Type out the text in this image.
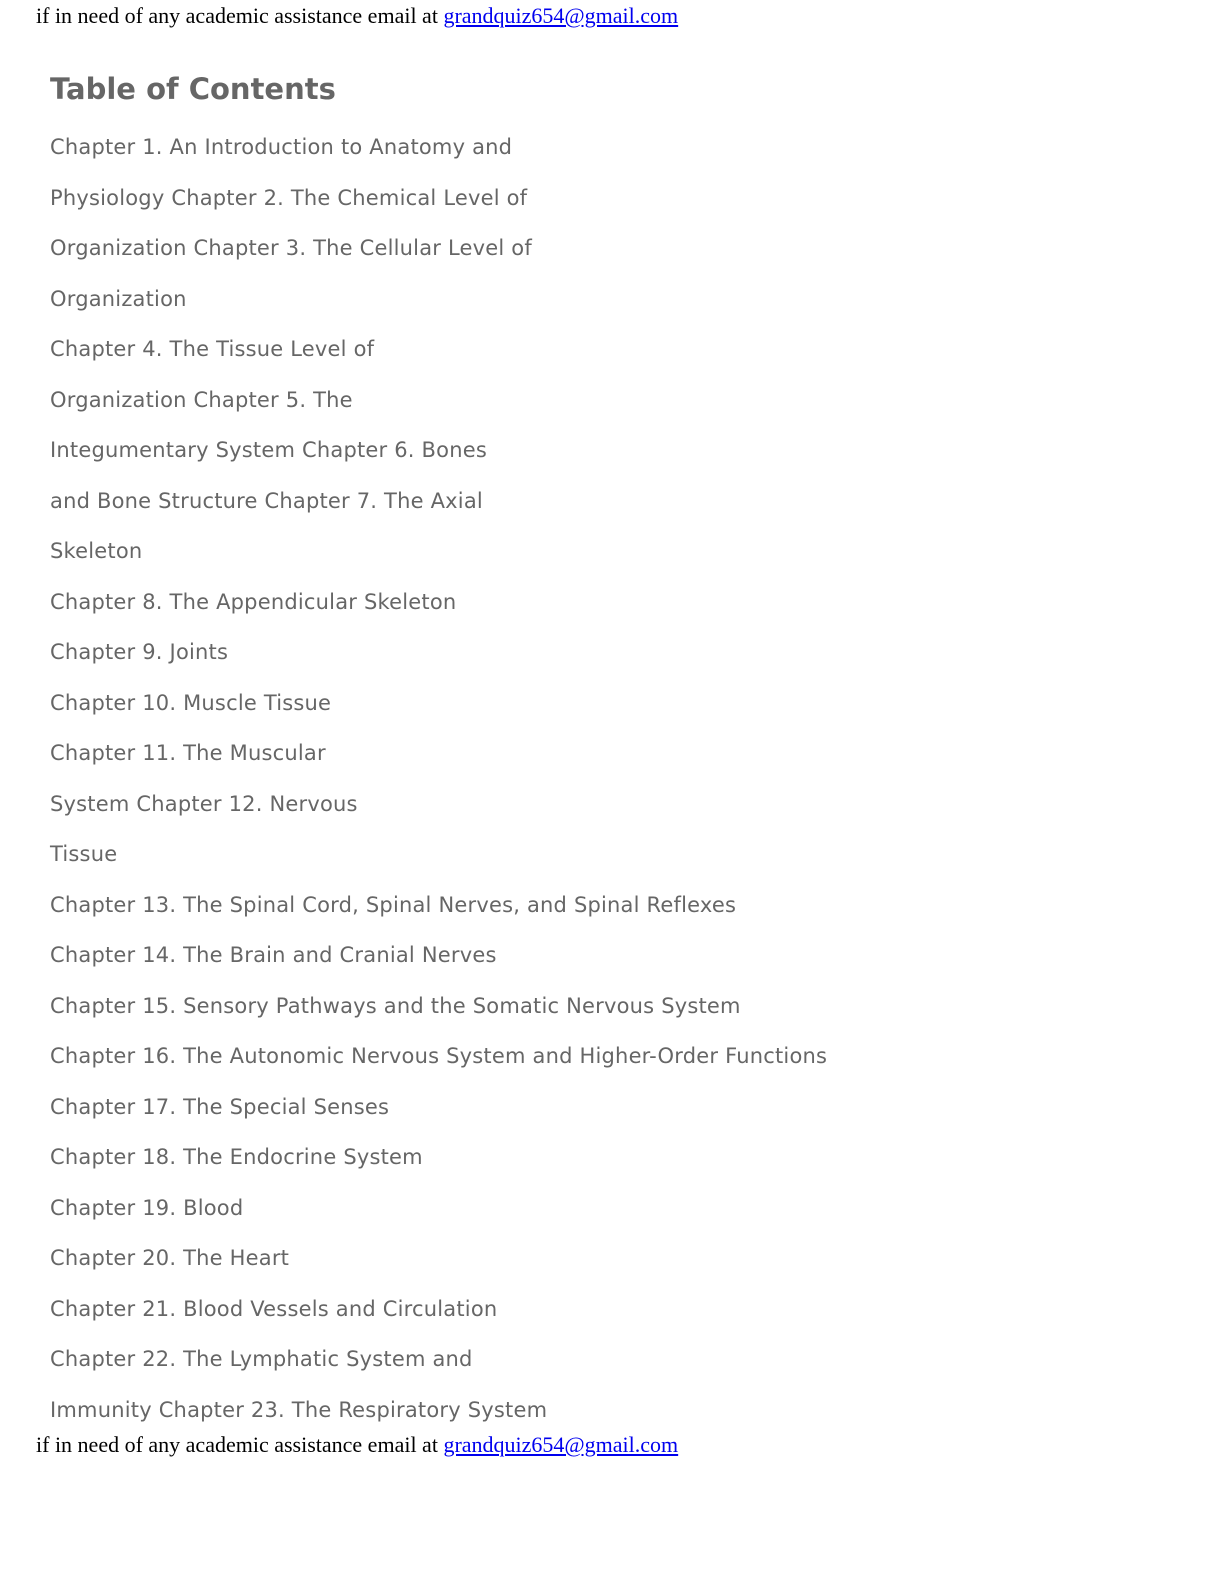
if in need of any academic assistance email at grandquiz654@gmail.com
Table of Contents
Chapter 1. An Introduction to Anatomy and
Physiology Chapter 2. The Chemical Level of
Organization Chapter 3. The Cellular Level of
Organization
Chapter 4. The Tissue Level of
Organization Chapter 5. The
Integumentary System Chapter 6. Bones
and Bone Structure Chapter 7. The Axial
Skeleton
Chapter 8. The Appendicular Skeleton
Chapter 9. Joints
Chapter 10. Muscle Tissue
Chapter 11. The Muscular
System Chapter 12. Nervous
Tissue
Chapter 13. The Spinal Cord, Spinal Nerves, and Spinal Reflexes
Chapter 14. The Brain and Cranial Nerves
Chapter 15. Sensory Pathways and the Somatic Nervous System
Chapter 16. The Autonomic Nervous System and Higher-Order Functions
Chapter 17. The Special Senses
Chapter 18. The Endocrine System
Chapter 19. Blood
Chapter 20. The Heart
Chapter 21. Blood Vessels and Circulation
Chapter 22. The Lymphatic System and
Immunity Chapter 23. The Respiratory System
if in need of any academic assistance email at grandquiz654@gmail.com
